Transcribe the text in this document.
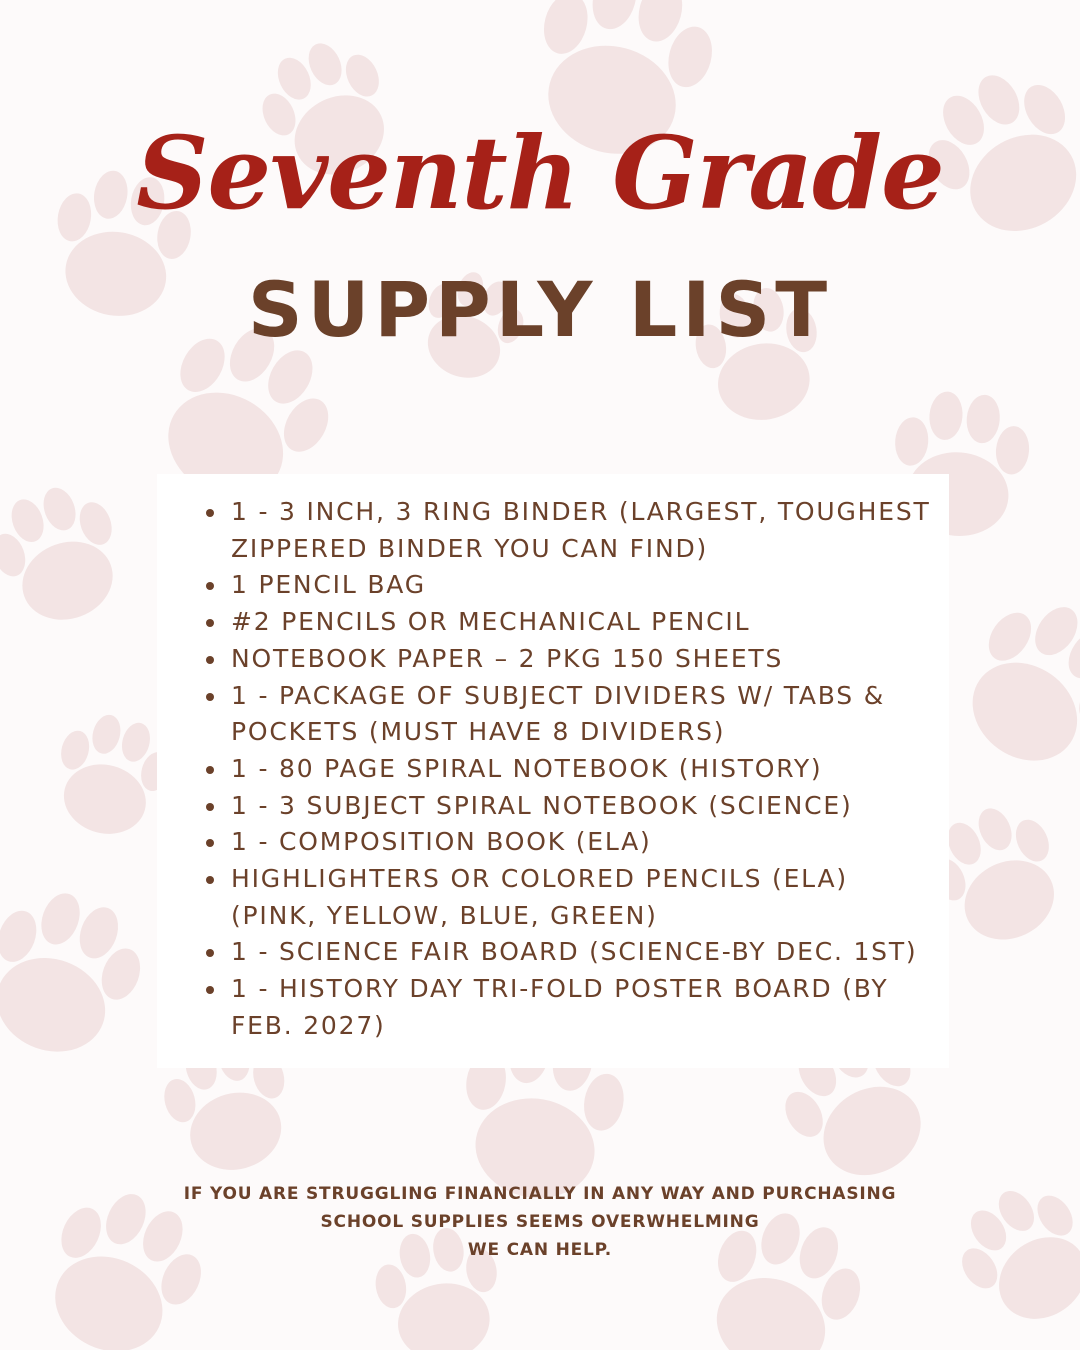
Seventh Grade
SUPPLY LIST
1 - 3 INCH, 3 RING BINDER (LARGEST, TOUGHEST
ZIPPERED BINDER YOU CAN FIND)
1 PENCIL BAG
#2 PENCILS OR MECHANICAL PENCIL
NOTEBOOK PAPER – 2 PKG 150 SHEETS
1 - PACKAGE OF SUBJECT DIVIDERS W/ TABS &
POCKETS (MUST HAVE 8 DIVIDERS)
1 - 80 PAGE SPIRAL NOTEBOOK (HISTORY)
1 - 3 SUBJECT SPIRAL NOTEBOOK (SCIENCE)
1 - COMPOSITION BOOK (ELA)
HIGHLIGHTERS OR COLORED PENCILS (ELA)
(PINK, YELLOW, BLUE, GREEN)
1 - SCIENCE FAIR BOARD (SCIENCE-BY DEC. 1ST)
1 - HISTORY DAY TRI-FOLD POSTER BOARD (BY
FEB. 2027)
IF YOU ARE STRUGGLING FINANCIALLY IN ANY WAY AND PURCHASING
SCHOOL SUPPLIES SEEMS OVERWHELMING
WE CAN HELP.
